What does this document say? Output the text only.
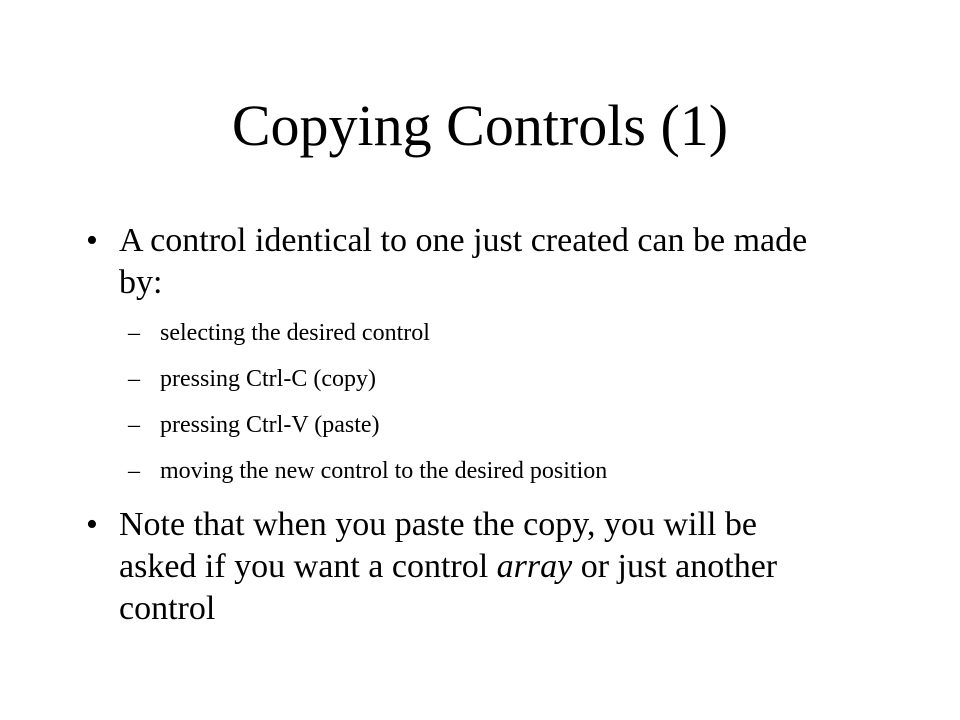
Copying Controls (1)
• A control identical to one just created can be made
by:
– selecting the desired control
– pressing Ctrl-C (copy)
– pressing Ctrl-V (paste)
– moving the new control to the desired position
• Note that when you paste the copy, you will be
asked if you want a control array or just another
control
